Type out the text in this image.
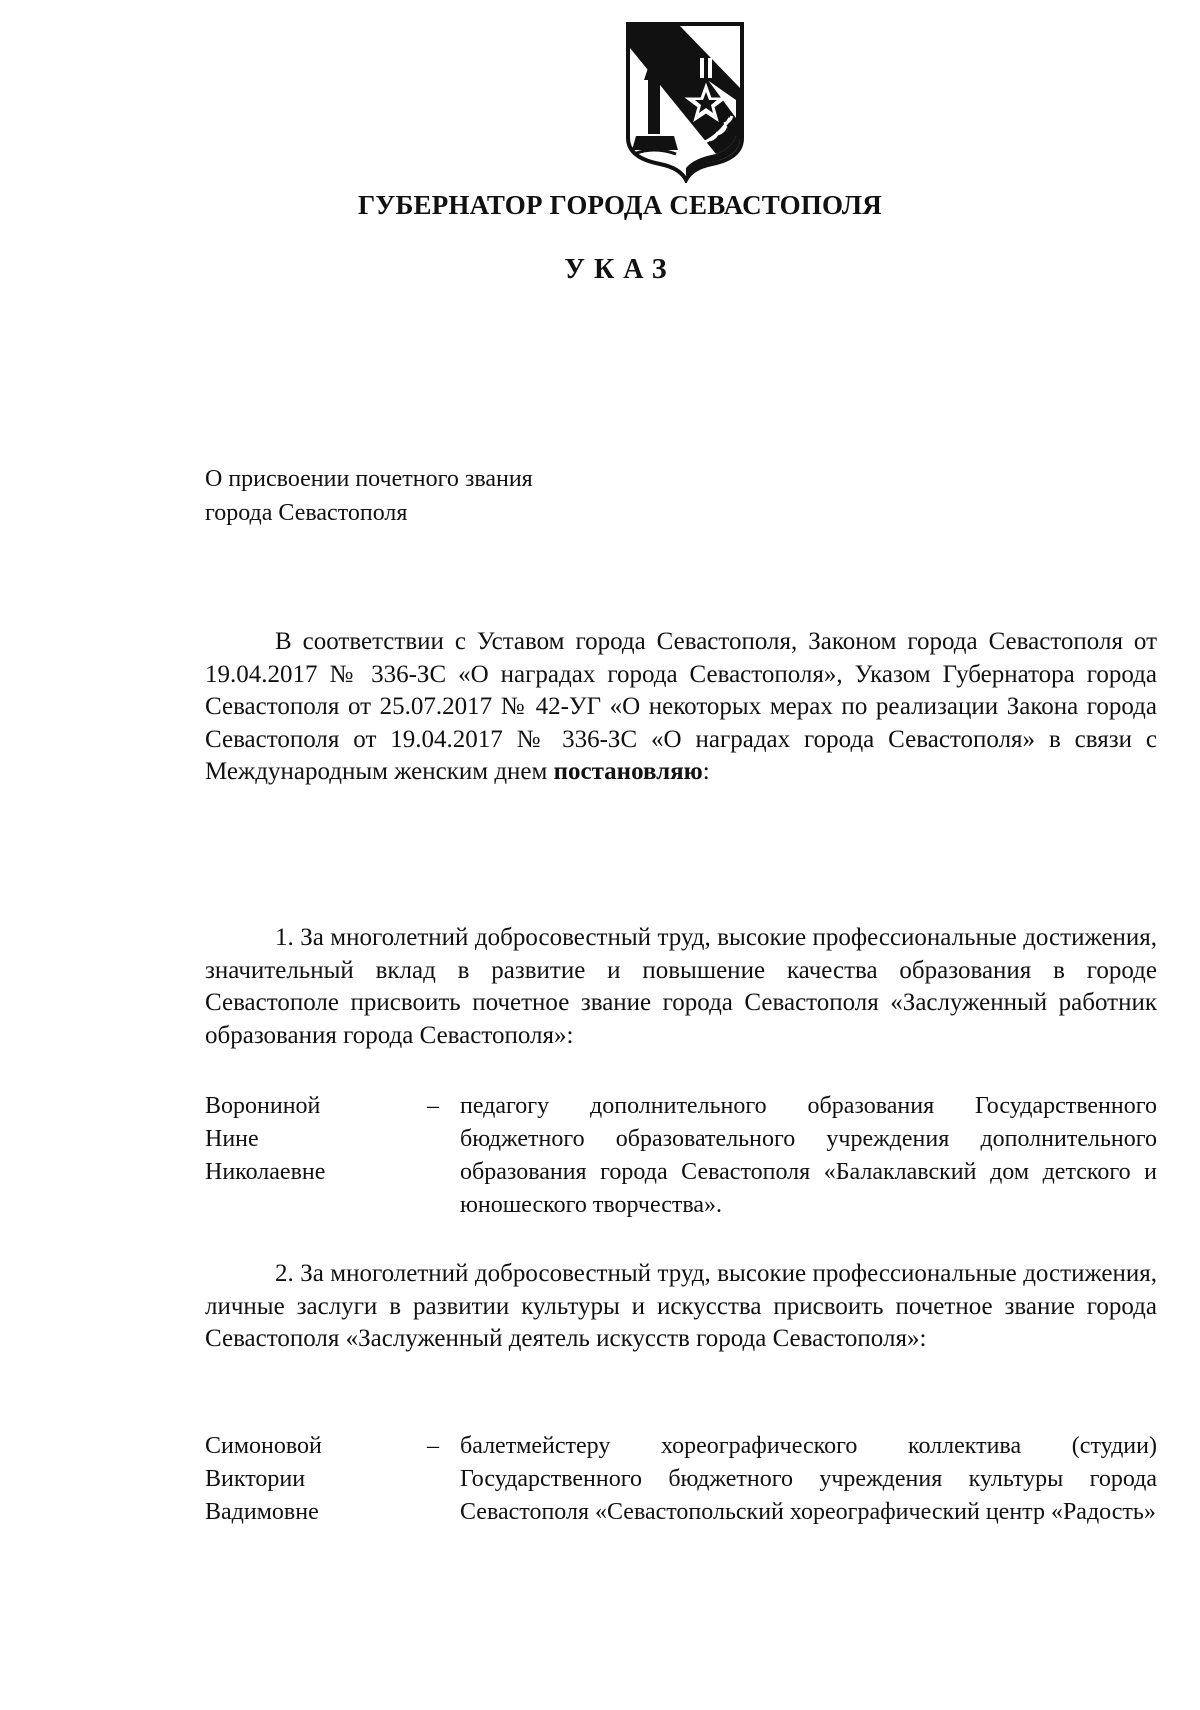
ГУБЕРНАТОР ГОРОДА СЕВАСТОПОЛЯ
УКАЗ
О присвоении почетного звания
города Севастополя

В соответствии с Уставом города Севастополя, Законом города Севастополя от 19.04.2017 № 336-ЗС «О наградах города Севастополя», Указом Губернатора города Севастополя от 25.07.2017 № 42-УГ «О некоторых мерах по реализации Закона города Севастополя от 19.04.2017 № 336-ЗС «О наградах города Севастополя» в связи с Международным женским днем постановляю:

1. За многолетний добросовестный труд, высокие профессиональные достижения, значительный вклад в развитие и повышение качества образования в городе Севастополе присвоить почетное звание города Севастополя «Заслуженный работник образования города Севастополя»:

Ворониной
Нине
Николаевне
– педагогу дополнительного образования Государственного бюджетного образовательного учреждения дополнительного образования города Севастополя «Балаклавский дом детского и юношеского творчества».

2. За многолетний добросовестный труд, высокие профессиональные достижения, личные заслуги в развитии культуры и искусства присвоить почетное звание города Севастополя «Заслуженный деятель искусств города Севастополя»:

Симоновой
Виктории
Вадимовне
– балетмейстеру хореографического коллектива (студии) Государственного бюджетного учреждения культуры города Севастополя «Севастопольский хореографический центр «Радость»
